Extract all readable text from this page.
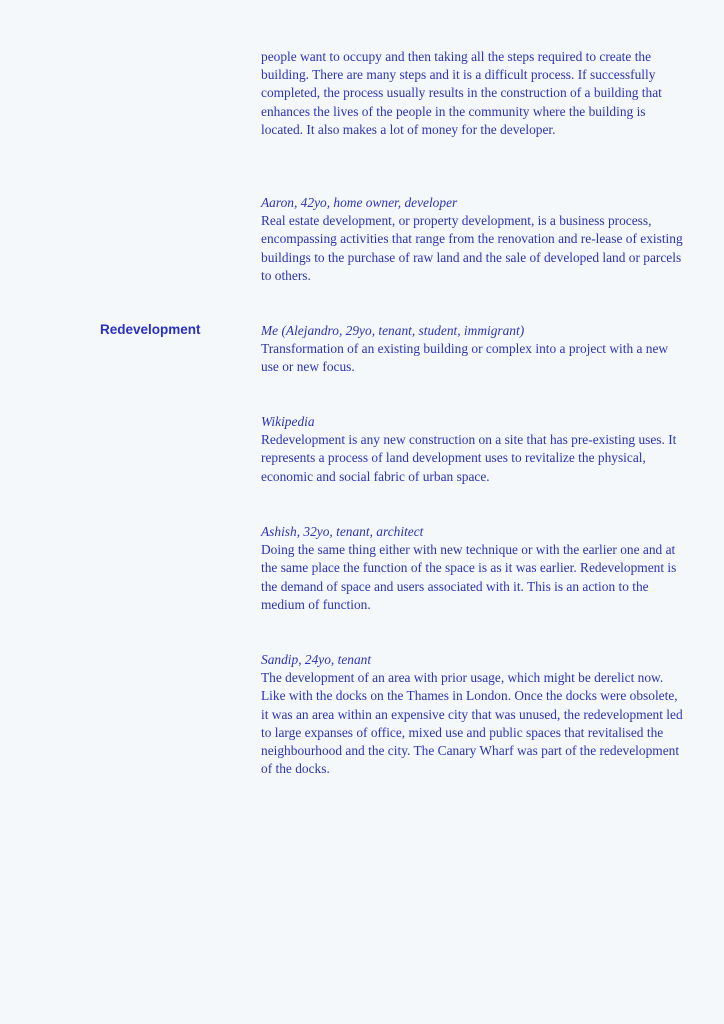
people want to occupy and then taking all the steps required to create the building. There are many steps and it is a difficult process. If successfully completed, the process usually results in the construction of a building that enhances the lives of the people in the community where the building is located. It also makes a lot of money for the developer.

Aaron, 42yo, home owner, developer
Real estate development, or property development, is a business process, encompassing activities that range from the renovation and re-lease of existing buildings to the purchase of raw land and the sale of developed land or parcels to others.
Redevelopment	Me (Alejandro, 29yo, tenant, student, immigrant)
Transformation of an existing building or complex into a project with a new use or new focus.
Wikipedia
Redevelopment is any new construction on a site that has pre-existing uses. It represents a process of land development uses to revitalize the physical, economic and social fabric of urban space.
Ashish, 32yo, tenant, architect
Doing the same thing either with new technique or with the earlier one and at the same place the function of the space is as it was earlier. Redevelopment is the demand of space and users associated with it. This is an action to the medium of function.
Sandip, 24yo, tenant
The development of an area with prior usage, which might be derelict now. Like with the docks on the Thames in London. Once the docks were obsolete, it was an area within an expensive city that was unused, the redevelopment led to large expanses of office, mixed use and public spaces that revitalised the neighbourhood and the city. The Canary Wharf was part of the redevelopment of the docks.
